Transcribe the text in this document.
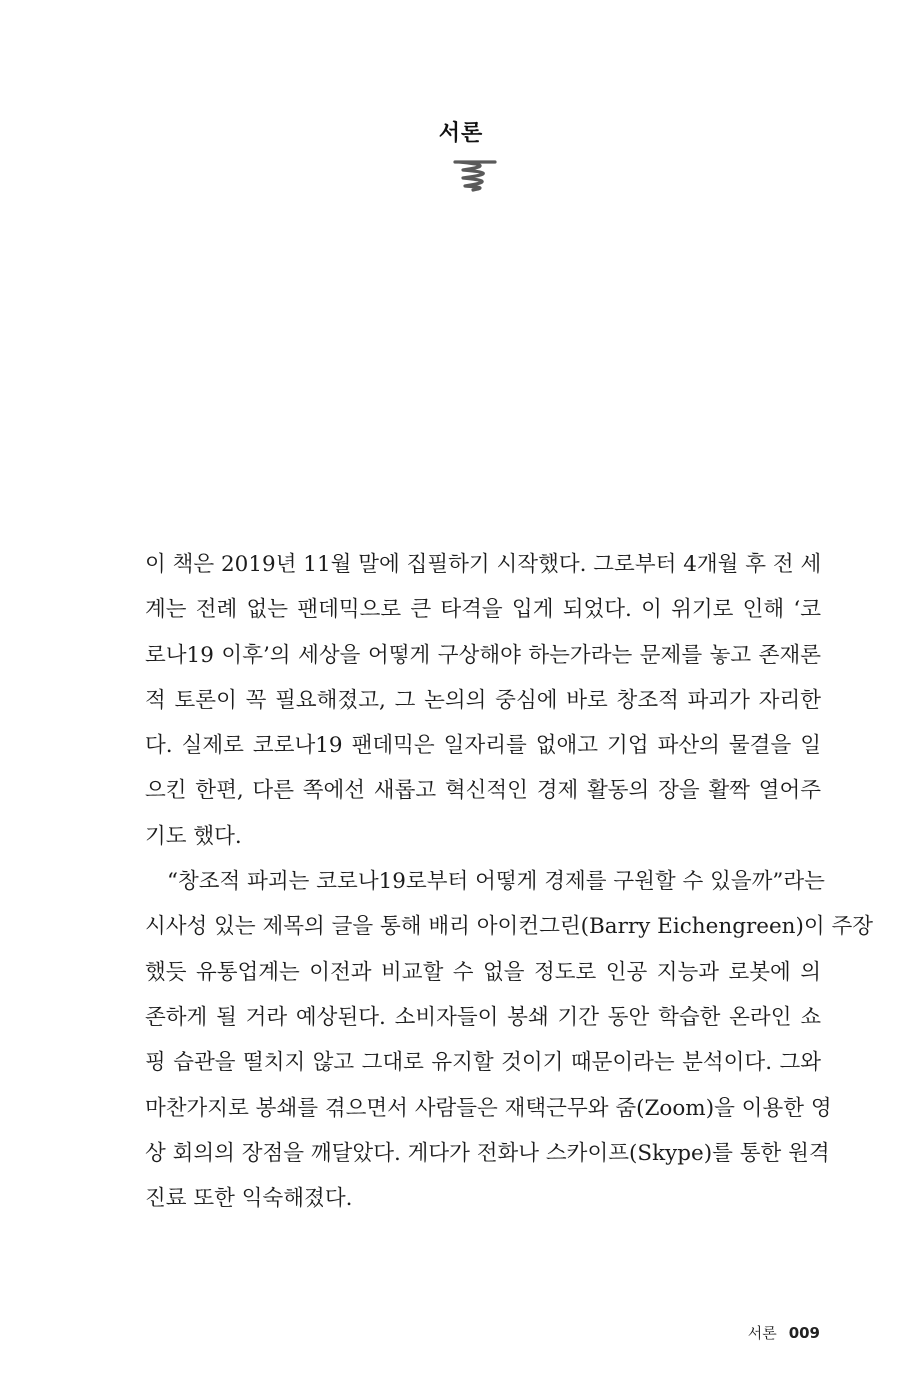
서론
이 책은 2019년 11월 말에 집필하기 시작했다. 그로부터 4개월 후 전 세
계는 전례 없는 팬데믹으로 큰 타격을 입게 되었다. 이 위기로 인해 ‘코
로나19 이후’의 세상을 어떻게 구상해야 하는가라는 문제를 놓고 존재론
적 토론이 꼭 필요해졌고, 그 논의의 중심에 바로 창조적 파괴가 자리한
다. 실제로 코로나19 팬데믹은 일자리를 없애고 기업 파산의 물결을 일
으킨 한편, 다른 쪽에선 새롭고 혁신적인 경제 활동의 장을 활짝 열어주
기도 했다.
“창조적 파괴는 코로나19로부터 어떻게 경제를 구원할 수 있을까”라는
시사성 있는 제목의 글을 통해 배리 아이컨그린(Barry Eichengreen)이 주장
했듯 유통업계는 이전과 비교할 수 없을 정도로 인공 지능과 로봇에 의
존하게 될 거라 예상된다. 소비자들이 봉쇄 기간 동안 학습한 온라인 쇼
핑 습관을 떨치지 않고 그대로 유지할 것이기 때문이라는 분석이다. 그와
마찬가지로 봉쇄를 겪으면서 사람들은 재택근무와 줌(Zoom)을 이용한 영
상 회의의 장점을 깨달았다. 게다가 전화나 스카이프(Skype)를 통한 원격
진료 또한 익숙해졌다.
서론 009
